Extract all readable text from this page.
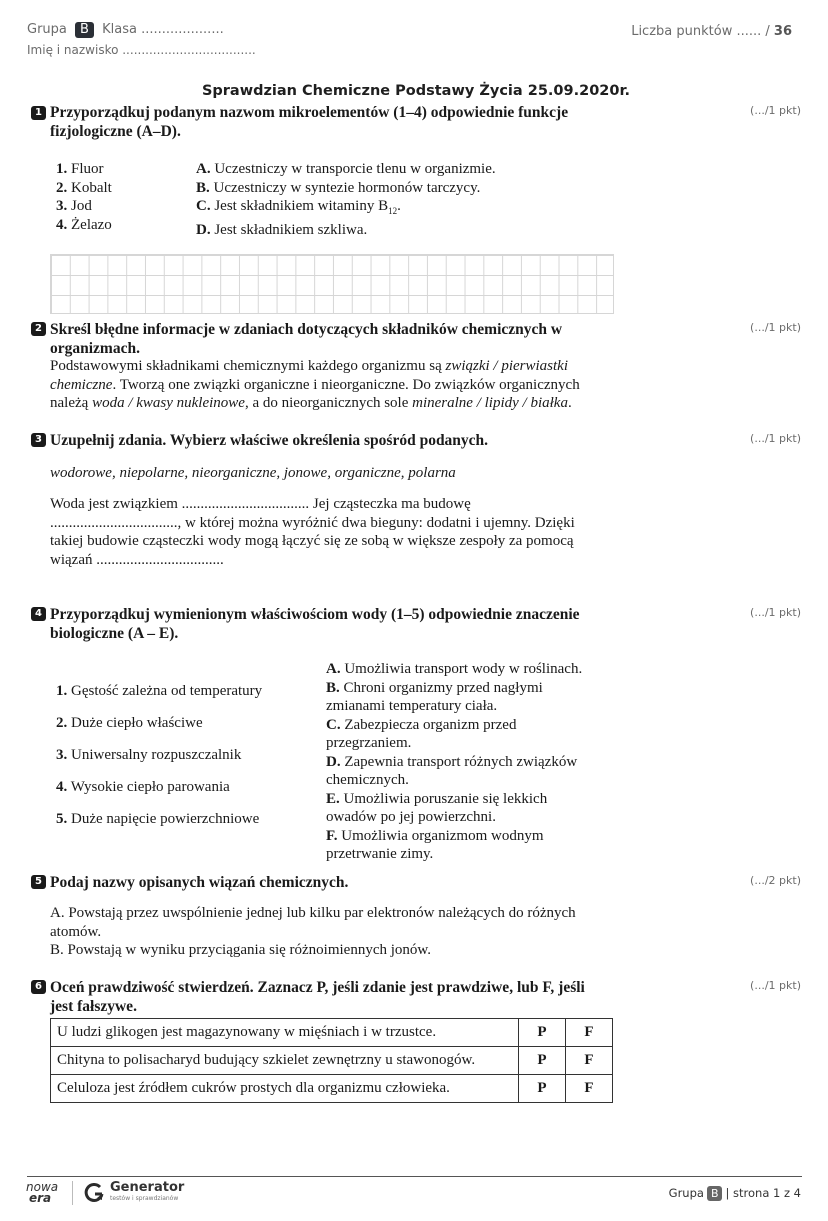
Grupa B Klasa ....................
Imię i nazwisko ...................................
Liczba punktów ...... / 36
Sprawdzian Chemiczne Podstawy Życia 25.09.2020r.
1 Przyporządkuj podanym nazwom mikroelementów (1–4) odpowiednie funkcje fizjologiczne (A–D).
(.../1 pkt)
1. Fluor
2. Kobalt
3. Jod
4. Żelazo
A. Uczestniczy w transporcie tlenu w organizmie.
B. Uczestniczy w syntezie hormonów tarczycy.
C. Jest składnikiem witaminy $B_{12}$.
D. Jest składnikiem szkliwa.
2 Skreśl błędne informacje w zdaniach dotyczących składników chemicznych w organizmach.
(.../1 pkt)
Podstawowymi składnikami chemicznymi każdego organizmu są związki / pierwiastki chemiczne. Tworzą one związki organiczne i nieorganiczne. Do związków organicznych należą woda / kwasy nukleinowe, a do nieorganicznych sole mineralne / lipidy / białka.
3 Uzupełnij zdania. Wybierz właściwe określenia spośród podanych.	(.../1 pkt)
wodorowe, niepolarne, nieorganiczne, jonowe, organiczne, polarna
Woda jest związkiem .................................. Jej cząsteczka ma budowę .................................., w której można wyróżnić dwa bieguny: dodatni i ujemny. Dzięki takiej budowie cząsteczki wody mogą łączyć się ze sobą w większe zespoły za pomocą wiązań ..................................
4 Przyporządkuj wymienionym właściwościom wody (1–5) odpowiednie znaczenie biologiczne (A – E).
(.../1 pkt)
1. Gęstość zależna od temperatury
2. Duże ciepło właściwe
3. Uniwersalny rozpuszczalnik
4. Wysokie ciepło parowania
5. Duże napięcie powierzchniowe
A. Umożliwia transport wody w roślinach.
B. Chroni organizmy przed nagłymi zmianami temperatury ciała.
C. Zabezpiecza organizm przed przegrzaniem.
D. Zapewnia transport różnych związków chemicznych.
E. Umożliwia poruszanie się lekkich owadów po jej powierzchni.
F. Umożliwia organizmom wodnym przetrwanie zimy.
5 Podaj nazwy opisanych wiązań chemicznych.	(.../2 pkt)
A. Powstają przez uwspólnienie jednej lub kilku par elektronów należących do różnych atomów.
B. Powstają w wyniku przyciągania się różnoimiennych jonów.
6 Oceń prawdziwość stwierdzeń. Zaznacz P, jeśli zdanie jest prawdziwe, lub F, jeśli jest fałszywe.
(.../1 pkt)
U ludzi glikogen jest magazynowany w mięśniach i w trzustce.	P	F
Chityna to polisacharyd budujący szkielet zewnętrzny u stawonogów.	P	F
Celuloza jest źródłem cukrów prostych dla organizmu człowieka.	P	F
nowa
era
Generator
testów i sprawdzianów	Grupa B | strona 1 z 4
